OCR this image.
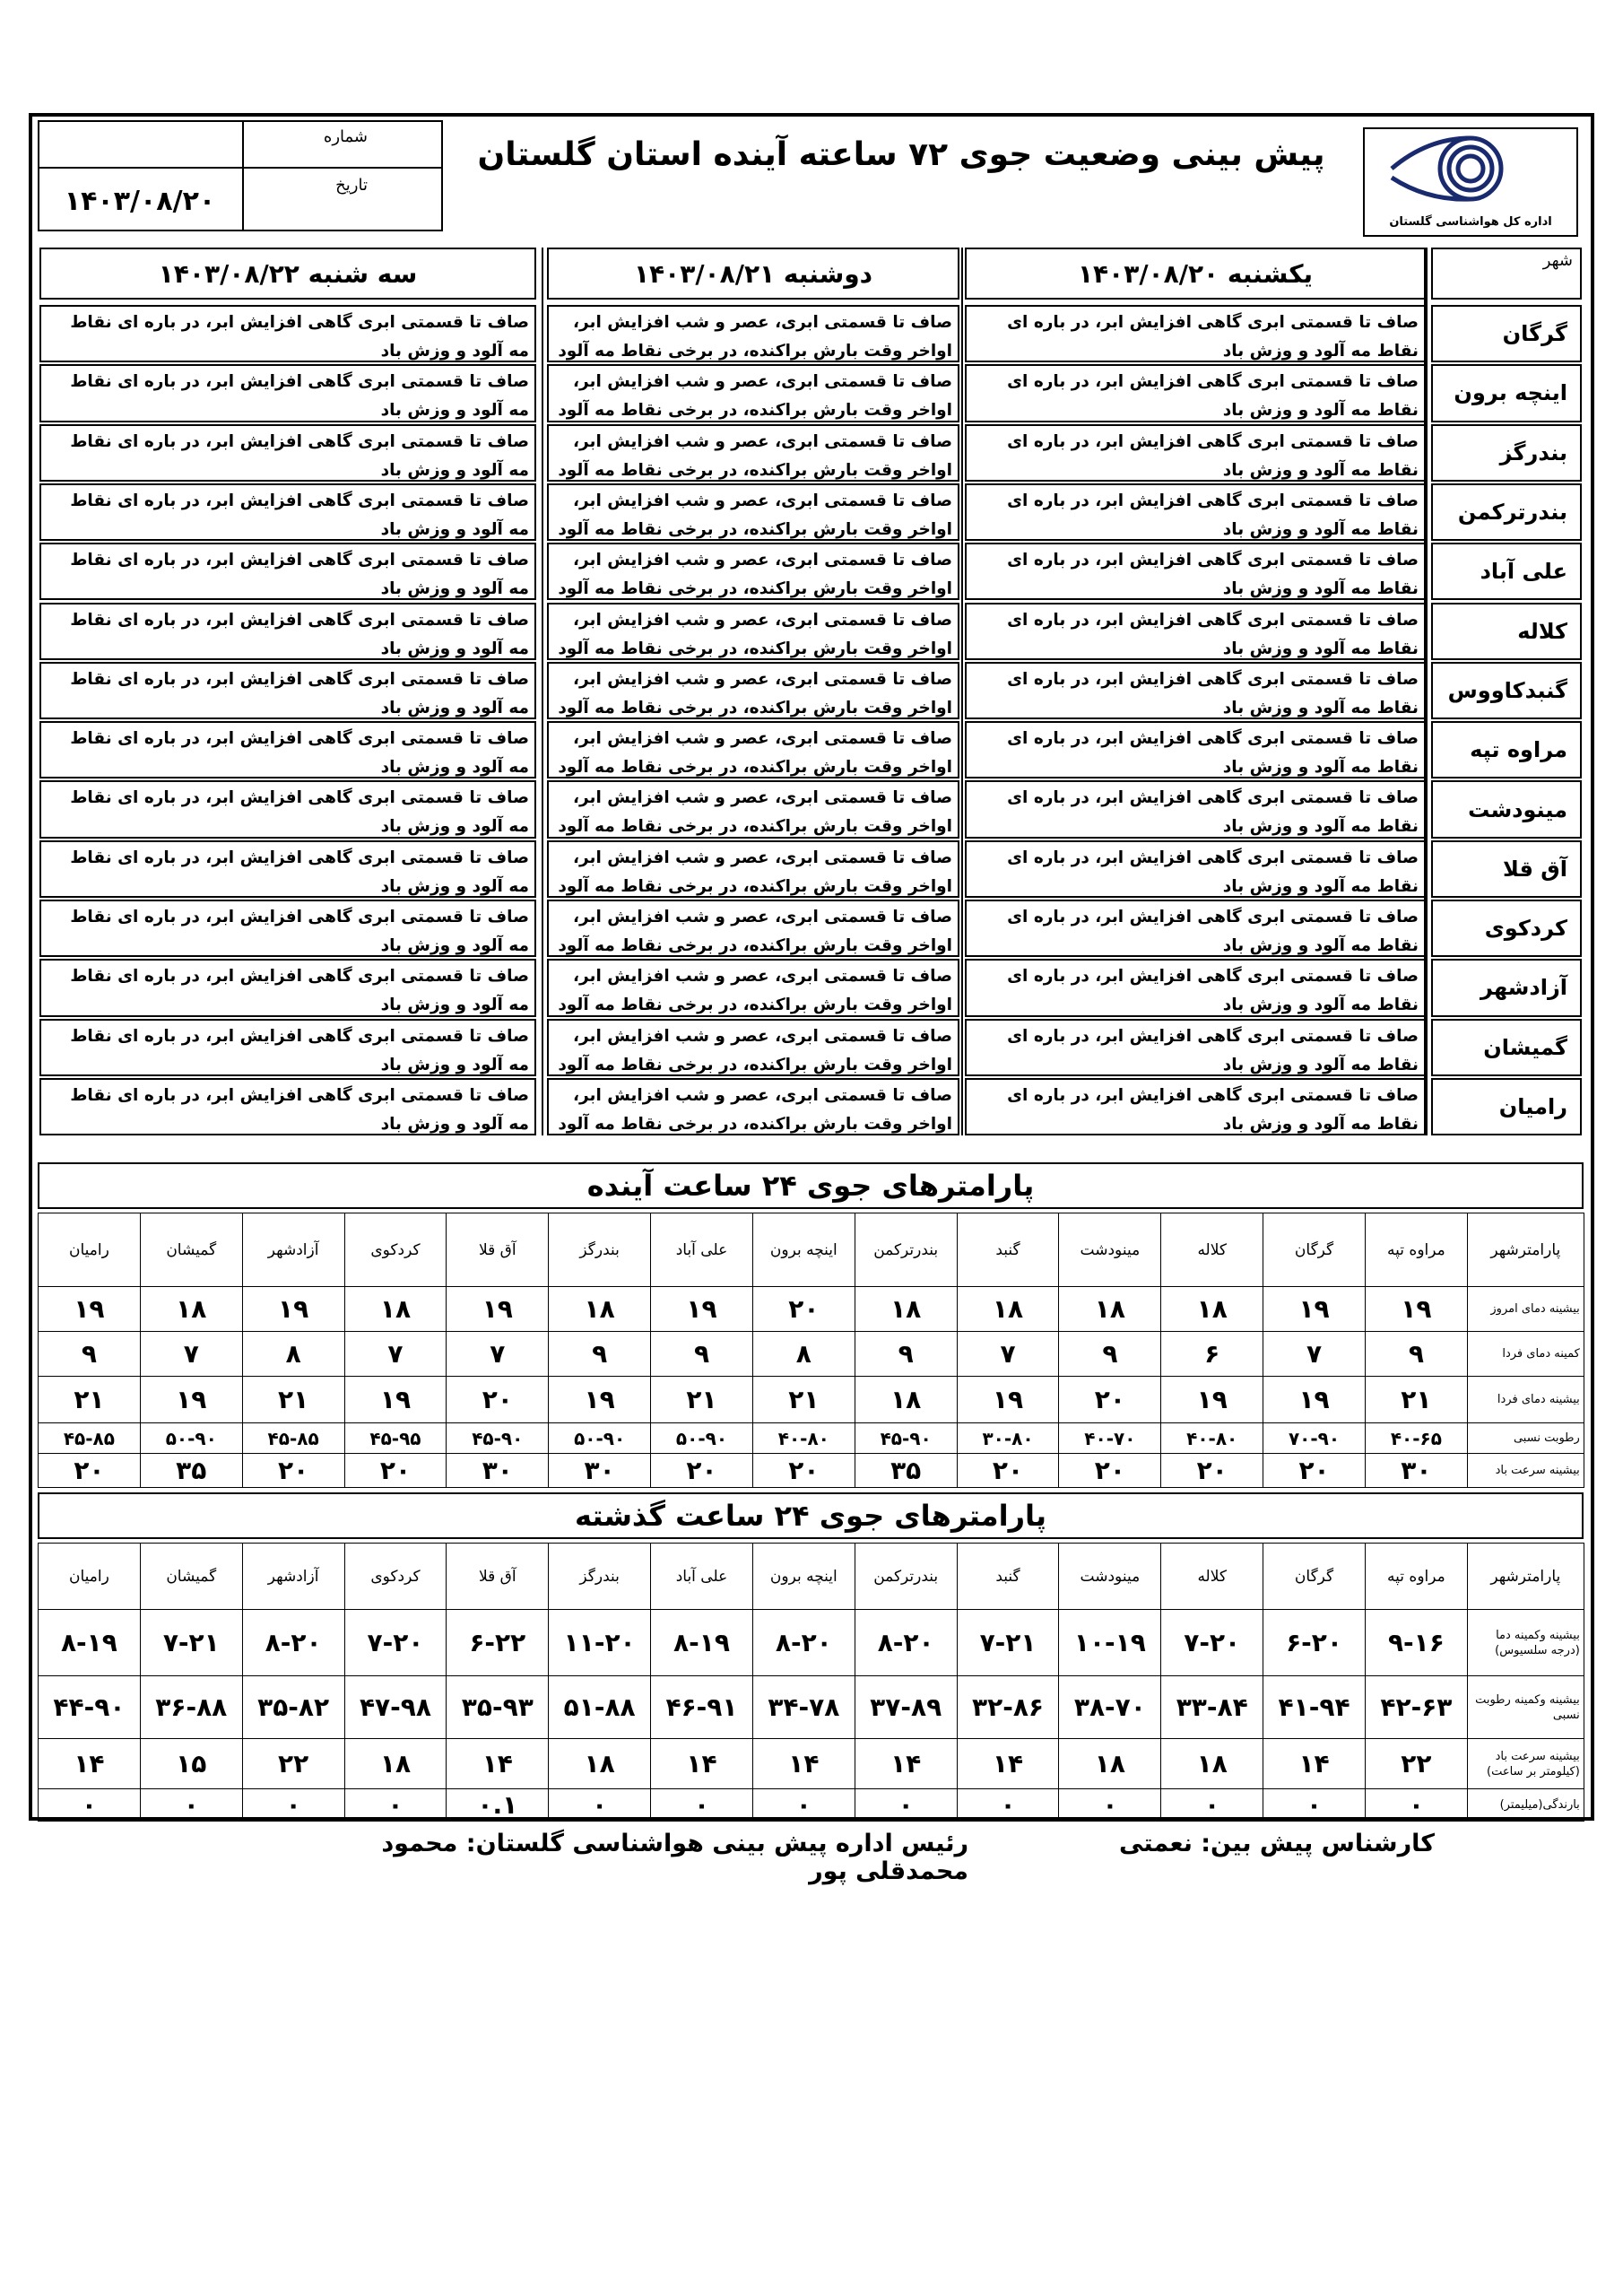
شماره
تاریخ
۱۴۰۳/۰۸/۲۰
پیش بینی وضعیت جوی ۷۲ ساعته آینده استان گلستان
اداره کل هواشناسی گلستان
شهر
یکشنبه ۱۴۰۳/۰۸/۲۰
دوشنبه ۱۴۰۳/۰۸/۲۱
سه شنبه ۱۴۰۳/۰۸/۲۲
گرگان
صاف تا قسمتی ابری گاهی افزایش ابر، در باره ای نقاط مه آلود و وزش باد
صاف تا قسمتی ابری، عصر و شب افزایش ابر، اواخر وقت بارش براکنده، در برخی نقاط مه آلود
صاف تا قسمتی ابری گاهی افزایش ابر، در باره ای نقاط مه آلود و وزش باد
اینچه برون
صاف تا قسمتی ابری گاهی افزایش ابر، در باره ای نقاط مه آلود و وزش باد
صاف تا قسمتی ابری، عصر و شب افزایش ابر، اواخر وقت بارش براکنده، در برخی نقاط مه آلود
صاف تا قسمتی ابری گاهی افزایش ابر، در باره ای نقاط مه آلود و وزش باد
بندرگز
صاف تا قسمتی ابری گاهی افزایش ابر، در باره ای نقاط مه آلود و وزش باد
صاف تا قسمتی ابری، عصر و شب افزایش ابر، اواخر وقت بارش براکنده، در برخی نقاط مه آلود
صاف تا قسمتی ابری گاهی افزایش ابر، در باره ای نقاط مه آلود و وزش باد
بندرترکمن
صاف تا قسمتی ابری گاهی افزایش ابر، در باره ای نقاط مه آلود و وزش باد
صاف تا قسمتی ابری، عصر و شب افزایش ابر، اواخر وقت بارش براکنده، در برخی نقاط مه آلود
صاف تا قسمتی ابری گاهی افزایش ابر، در باره ای نقاط مه آلود و وزش باد
علی آباد
صاف تا قسمتی ابری گاهی افزایش ابر، در باره ای نقاط مه آلود و وزش باد
صاف تا قسمتی ابری، عصر و شب افزایش ابر، اواخر وقت بارش براکنده، در برخی نقاط مه آلود
صاف تا قسمتی ابری گاهی افزایش ابر، در باره ای نقاط مه آلود و وزش باد
کلاله
صاف تا قسمتی ابری گاهی افزایش ابر، در باره ای نقاط مه آلود و وزش باد
صاف تا قسمتی ابری، عصر و شب افزایش ابر، اواخر وقت بارش براکنده، در برخی نقاط مه آلود
صاف تا قسمتی ابری گاهی افزایش ابر، در باره ای نقاط مه آلود و وزش باد
گنبدکاووس
صاف تا قسمتی ابری گاهی افزایش ابر، در باره ای نقاط مه آلود و وزش باد
صاف تا قسمتی ابری، عصر و شب افزایش ابر، اواخر وقت بارش براکنده، در برخی نقاط مه آلود
صاف تا قسمتی ابری گاهی افزایش ابر، در باره ای نقاط مه آلود و وزش باد
مراوه تپه
صاف تا قسمتی ابری گاهی افزایش ابر، در باره ای نقاط مه آلود و وزش باد
صاف تا قسمتی ابری، عصر و شب افزایش ابر، اواخر وقت بارش براکنده، در برخی نقاط مه آلود
صاف تا قسمتی ابری گاهی افزایش ابر، در باره ای نقاط مه آلود و وزش باد
مینودشت
صاف تا قسمتی ابری گاهی افزایش ابر، در باره ای نقاط مه آلود و وزش باد
صاف تا قسمتی ابری، عصر و شب افزایش ابر، اواخر وقت بارش براکنده، در برخی نقاط مه آلود
صاف تا قسمتی ابری گاهی افزایش ابر، در باره ای نقاط مه آلود و وزش باد
آق قلا
صاف تا قسمتی ابری گاهی افزایش ابر، در باره ای نقاط مه آلود و وزش باد
صاف تا قسمتی ابری، عصر و شب افزایش ابر، اواخر وقت بارش براکنده، در برخی نقاط مه آلود
صاف تا قسمتی ابری گاهی افزایش ابر، در باره ای نقاط مه آلود و وزش باد
کردکوی
صاف تا قسمتی ابری گاهی افزایش ابر، در باره ای نقاط مه آلود و وزش باد
صاف تا قسمتی ابری، عصر و شب افزایش ابر، اواخر وقت بارش براکنده، در برخی نقاط مه آلود
صاف تا قسمتی ابری گاهی افزایش ابر، در باره ای نقاط مه آلود و وزش باد
آزادشهر
صاف تا قسمتی ابری گاهی افزایش ابر، در باره ای نقاط مه آلود و وزش باد
صاف تا قسمتی ابری، عصر و شب افزایش ابر، اواخر وقت بارش براکنده، در برخی نقاط مه آلود
صاف تا قسمتی ابری گاهی افزایش ابر، در باره ای نقاط مه آلود و وزش باد
گمیشان
صاف تا قسمتی ابری گاهی افزایش ابر، در باره ای نقاط مه آلود و وزش باد
صاف تا قسمتی ابری، عصر و شب افزایش ابر، اواخر وقت بارش براکنده، در برخی نقاط مه آلود
صاف تا قسمتی ابری گاهی افزایش ابر، در باره ای نقاط مه آلود و وزش باد
رامیان
صاف تا قسمتی ابری گاهی افزایش ابر، در باره ای نقاط مه آلود و وزش باد
صاف تا قسمتی ابری، عصر و شب افزایش ابر، اواخر وقت بارش براکنده، در برخی نقاط مه آلود
صاف تا قسمتی ابری گاهی افزایش ابر، در باره ای نقاط مه آلود و وزش باد
پارامترهای جوی ۲۴ ساعت آینده
رامیان	گمیشان	آزادشهر	کردکوی	آق قلا	بندرگز	علی آباد	اینچه برون	بندرترکمن	گنبد	مینودشت	کلاله	گرگان	مراوه تپه	پارامترشهر
۱۹	۱۸	۱۹	۱۸	۱۹	۱۸	۱۹	۲۰	۱۸	۱۸	۱۸	۱۸	۱۹	۱۹	بیشینه دمای امروز
۹	۷	۸	۷	۷	۹	۹	۸	۹	۷	۹	۶	۷	۹	کمینه دمای فردا
۲۱	۱۹	۲۱	۱۹	۲۰	۱۹	۲۱	۲۱	۱۸	۱۹	۲۰	۱۹	۱۹	۲۱	بیشینه دمای فردا
۴۵-۸۵	۵۰-۹۰	۴۵-۸۵	۴۵-۹۵	۴۵-۹۰	۵۰-۹۰	۵۰-۹۰	۴۰-۸۰	۴۵-۹۰	۳۰-۸۰	۴۰-۷۰	۴۰-۸۰	۷۰-۹۰	۴۰-۶۵	رطوبت نسبی
۲۰	۳۵	۲۰	۲۰	۳۰	۳۰	۲۰	۲۰	۳۵	۲۰	۲۰	۲۰	۲۰	۳۰	بیشینه سرعت باد
پارامترهای جوی ۲۴ ساعت گذشته
رامیان	گمیشان	آزادشهر	کردکوی	آق قلا	بندرگز	علی آباد	اینچه برون	بندرترکمن	گنبد	مینودشت	کلاله	گرگان	مراوه تپه	پارامترشهر
۸-۱۹	۷-۲۱	۸-۲۰	۷-۲۰	۶-۲۲	۱۱-۲۰	۸-۱۹	۸-۲۰	۸-۲۰	۷-۲۱	۱۰-۱۹	۷-۲۰	۶-۲۰	۹-۱۶	بیشینه وکمینه دما (درجه سلسیوس)
۴۴-۹۰	۳۶-۸۸	۳۵-۸۲	۴۷-۹۸	۳۵-۹۳	۵۱-۸۸	۴۶-۹۱	۳۴-۷۸	۳۷-۸۹	۳۲-۸۶	۳۸-۷۰	۳۳-۸۴	۴۱-۹۴	۴۲-۶۳	بیشینه وکمینه رطوبت نسبی
۱۴	۱۵	۲۲	۱۸	۱۴	۱۸	۱۴	۱۴	۱۴	۱۴	۱۸	۱۸	۱۴	۲۲	بیشینه سرعت باد (کیلومتر بر ساعت)
۰	۰	۰	۰	۰.۱	۰	۰	۰	۰	۰	۰	۰	۰	۰	بارندگی(میلیمتر)
کارشناس پیش بین: نعمتی
رئیس اداره پیش بینی هواشناسی گلستان: محمود محمدقلی پور
